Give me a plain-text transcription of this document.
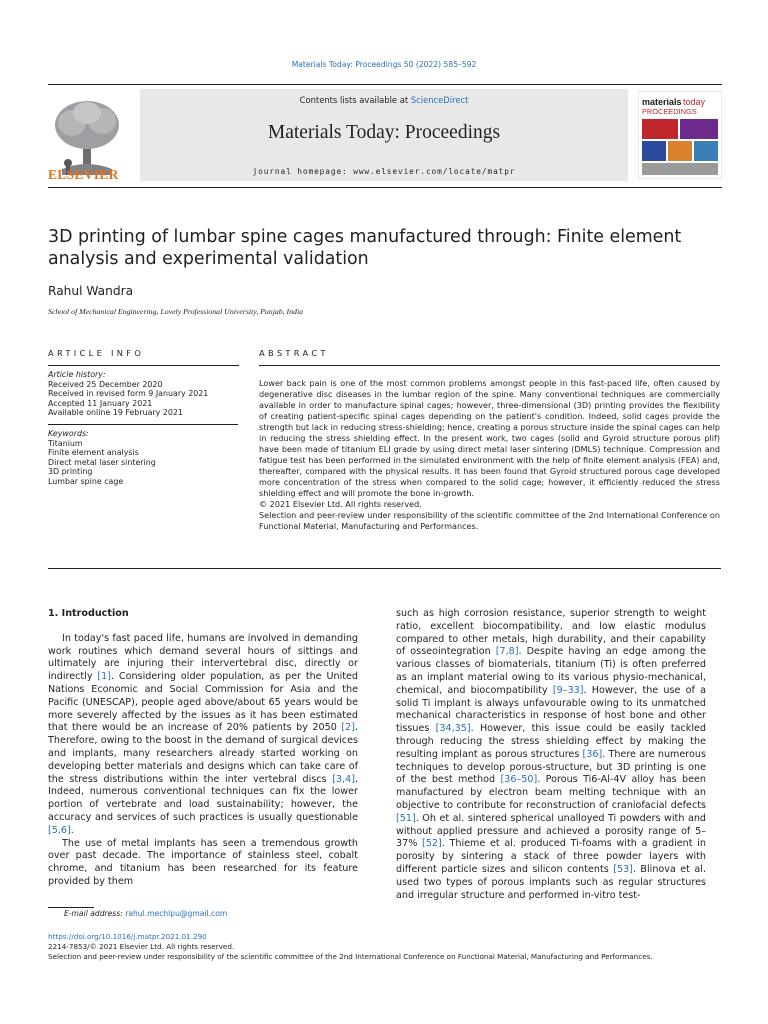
Materials Today: Proceedings 50 (2022) 585–592
ELSEVIER
Contents lists available at ScienceDirect
Materials Today: Proceedings
journal homepage: www.elsevier.com/locate/matpr
materials today
PROCEEDINGS
3D printing of lumbar spine cages manufactured through: Finite element analysis and experimental validation
Rahul Wandra
School of Mechanical Engineering, Lovely Professional University, Punjab, India
ARTICLE INFO
Article history:
Received 25 December 2020
Received in revised form 9 January 2021
Accepted 11 January 2021
Available online 19 February 2021
Keywords:
Titanium
Finite element analysis
Direct metal laser sintering
3D printing
Lumbar spine cage
ABSTRACT
Lower back pain is one of the most common problems amongst people in this fast-paced life, often caused by degenerative disc diseases in the lumbar region of the spine. Many conventional techniques are commercially available in order to manufacture spinal cages; however, three-dimensional (3D) printing provides the flexibility of creating patient-specific spinal cages depending on the patient's condition. Indeed, solid cages provide the strength but lack in reducing stress-shielding; hence, creating a porous structure inside the spinal cages can help in reducing the stress shielding effect. In the present work, two cages (solid and Gyroid structure porous plif) have been made of titanium ELI grade by using direct metal laser sintering (DMLS) technique. Compression and fatigue test has been performed in the simulated environment with the help of finite element analysis (FEA) and, thereafter, compared with the physical results. It has been found that Gyroid structured porous cage developed more concentration of the stress when compared to the solid cage; however, it efficiently reduced the stress shielding effect and will promote the bone in-growth.
© 2021 Elsevier Ltd. All rights reserved.
Selection and peer-review under responsibility of the scientific committee of the 2nd International Conference on Functional Material, Manufacturing and Performances.

1. Introduction

In today's fast paced life, humans are involved in demanding work routines which demand several hours of sittings and ultimately are injuring their intervertebral disc, directly or indirectly [1]. Considering older population, as per the United Nations Economic and Social Commission for Asia and the Pacific (UNESCAP), people aged above/about 65 years would be more severely affected by the issues as it has been estimated that there would be an increase of 20% patients by 2050 [2]. Therefore, owing to the boost in the demand of surgical devices and implants, many researchers already started working on developing better materials and designs which can take care of the stress distributions within the inter vertebral discs [3,4]. Indeed, numerous conventional techniques can fix the lower portion of vertebrate and load sustainability; however, the accuracy and services of such practices is usually questionable [5,6].

The use of metal implants has seen a tremendous growth over past decade. The importance of stainless steel, cobalt chrome, and titanium has been researched for its feature provided by them

such as high corrosion resistance, superior strength to weight ratio, excellent biocompatibility, and low elastic modulus compared to other metals, high durability, and their capability of osseointegration [7,8]. Despite having an edge among the various classes of biomaterials, titanium (Ti) is often preferred as an implant material owing to its various physio-mechanical, chemical, and biocompatibility [9–33]. However, the use of a solid Ti implant is always unfavourable owing to its unmatched mechanical characteristics in response of host bone and other tissues [34,35]. However, this issue could be easily tackled through reducing the stress shielding effect by making the resulting implant as porous structures [36]. There are numerous techniques to develop porous-structure, but 3D printing is one of the best method [36–50]. Porous Ti6-Al-4V alloy has been manufactured by electron beam melting technique with an objective to contribute for reconstruction of craniofacial defects [51]. Oh et al. sintered spherical unalloyed Ti powders with and without applied pressure and achieved a porosity range of 5–37% [52]. Thieme et al. produced Ti-foams with a gradient in porosity by sintering a stack of three powder layers with different particle sizes and silicon contents [53]. Blinova et al. used two types of porous implants such as regular structures and irregular structure and performed in-vitro test-

E-mail address: rahul.mechlpu@gmail.com
https://doi.org/10.1016/j.matpr.2021.01.290
2214-7853/© 2021 Elsevier Ltd. All rights reserved.
Selection and peer-review under responsibility of the scientific committee of the 2nd International Conference on Functional Material, Manufacturing and Performances.
